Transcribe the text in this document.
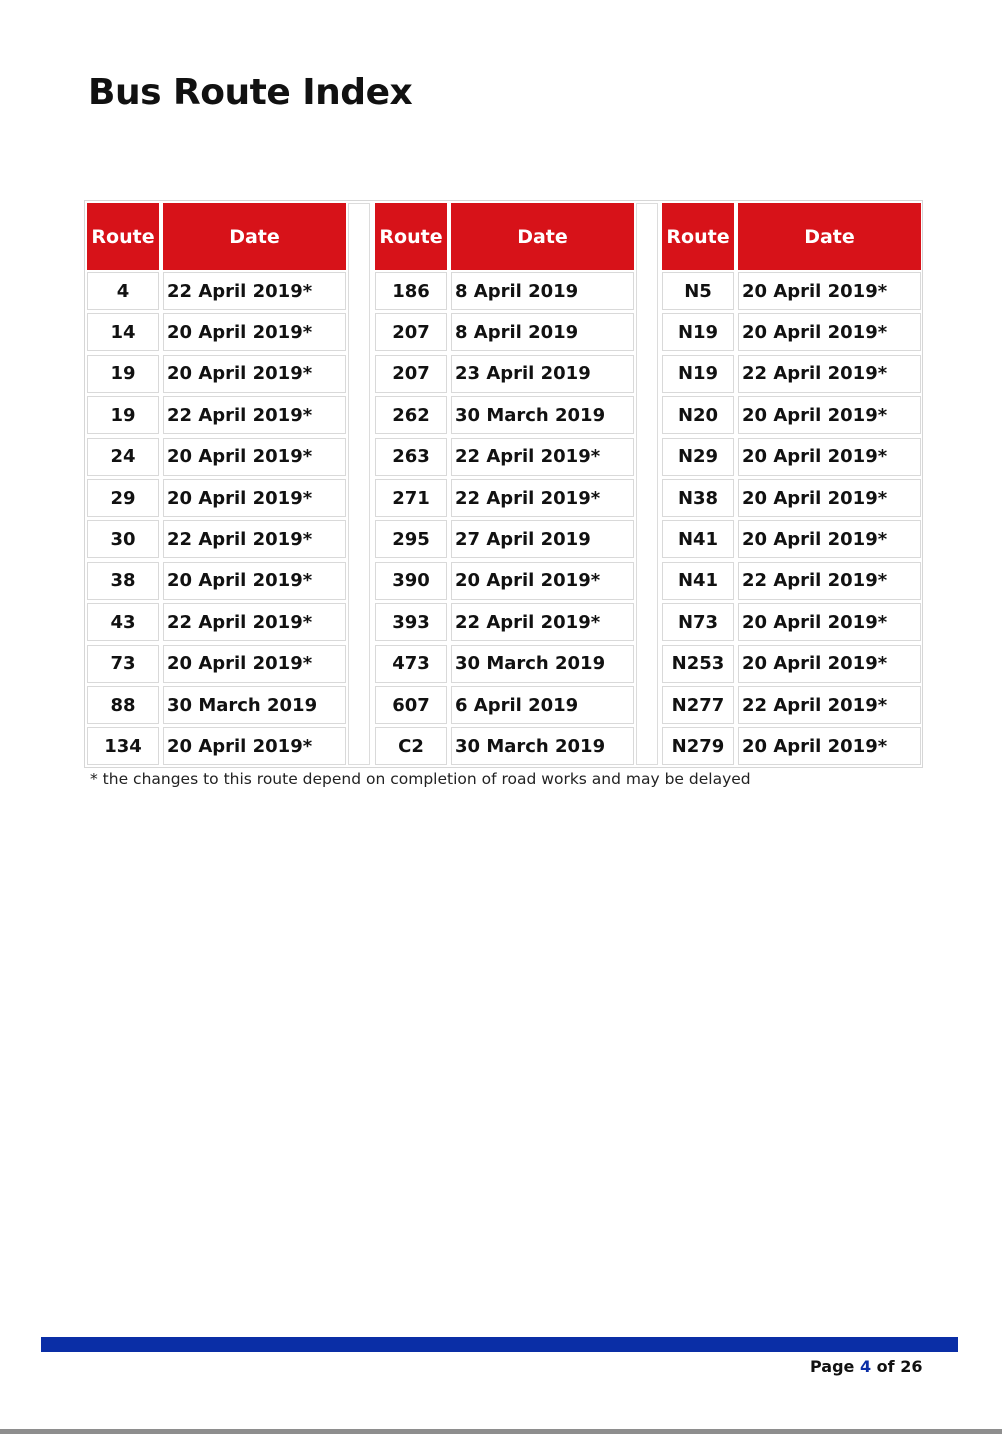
Bus Route Index
Route	Date
4	22 April 2019*
14	20 April 2019*
19	20 April 2019*
19	22 April 2019*
24	20 April 2019*
29	20 April 2019*
30	22 April 2019*
38	20 April 2019*
43	22 April 2019*
73	20 April 2019*
88	30 March 2019
134	20 April 2019*
Route	Date
186	8 April 2019
207	8 April 2019
207	23 April 2019
262	30 March 2019
263	22 April 2019*
271	22 April 2019*
295	27 April 2019
390	20 April 2019*
393	22 April 2019*
473	30 March 2019
607	6 April 2019
C2	30 March 2019
Route	Date
N5	20 April 2019*
N19	20 April 2019*
N19	22 April 2019*
N20	20 April 2019*
N29	20 April 2019*
N38	20 April 2019*
N41	20 April 2019*
N41	22 April 2019*
N73	20 April 2019*
N253 20 April 2019*
N277 22 April 2019*
N279 20 April 2019*
* the changes to this route depend on completion of road works and may be delayed
Page 4 of 26
